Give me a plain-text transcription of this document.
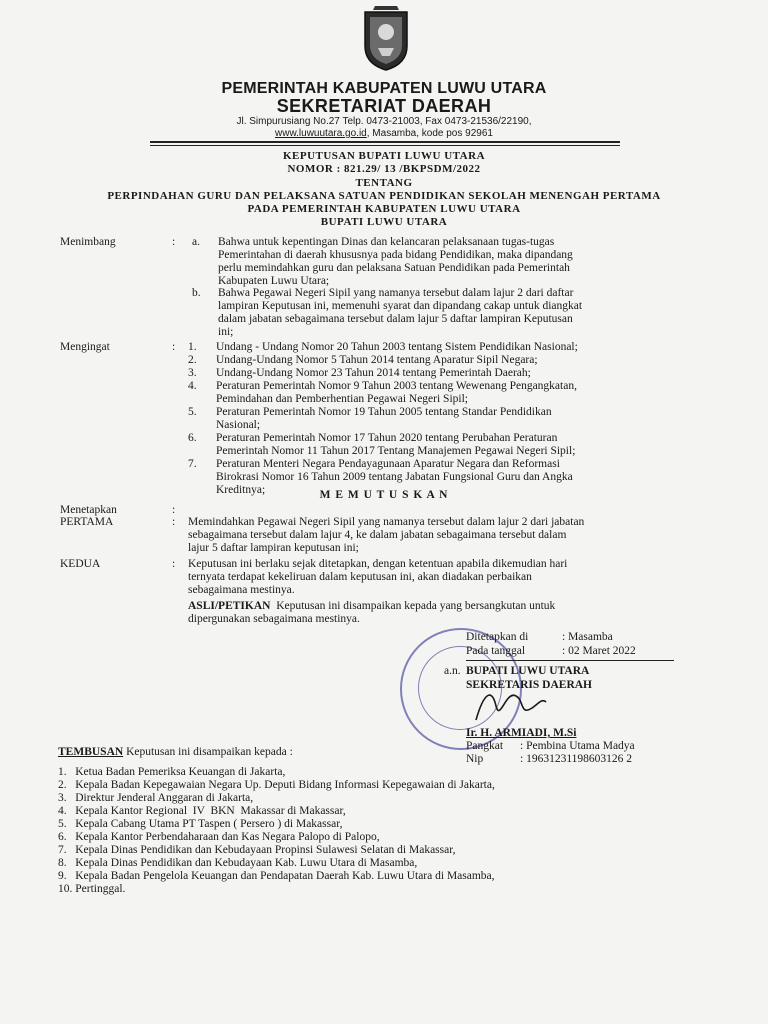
PEMERINTAH KABUPATEN LUWU UTARA
SEKRETARIAT DAERAH
Jl. Simpurusiang No.27 Telp. 0473-21003, Fax 0473-21536/22190,
www.luwuutara.go.id, Masamba, kode pos 92961
KEPUTUSAN BUPATI LUWU UTARA
NOMOR : 821.29/ 13 /BKPSDM/2022
TENTANG
PERPINDAHAN GURU DAN PELAKSANA SATUAN PENDIDIKAN SEKOLAH MENENGAH PERTAMA
PADA PEMERINTAH KABUPATEN LUWU UTARA
BUPATI LUWU UTARA
Menimbang	:	a.	Bahwa untuk kepentingan Dinas dan kelancaran pelaksanaan tugas-tugas
Pemerintahan di daerah khususnya pada bidang Pendidikan, maka dipandang
perlu memindahkan guru dan pelaksana Satuan Pendidikan pada Pemerintah
Kabupaten Luwu Utara;
b.	Bahwa Pegawai Negeri Sipil yang namanya tersebut dalam lajur 2 dari daftar
lampiran Keputusan ini, memenuhi syarat dan dipandang cakap untuk diangkat
dalam jabatan sebagaimana tersebut dalam lajur 5 daftar lampiran Keputusan
ini;
Mengingat	:	1.	Undang - Undang Nomor 20 Tahun 2003 tentang Sistem Pendidikan Nasional;
2.	Undang-Undang Nomor 5 Tahun 2014 tentang Aparatur Sipil Negara;
3.	Undang-Undang Nomor 23 Tahun 2014 tentang Pemerintah Daerah;
4.	Peraturan Pemerintah Nomor 9 Tahun 2003 tentang Wewenang Pengangkatan,
Pemindahan dan Pemberhentian Pegawai Negeri Sipil;
5.	Peraturan Pemerintah Nomor 19 Tahun 2005 tentang Standar Pendidikan
Nasional;
6.	Peraturan Pemerintah Nomor 17 Tahun 2020 tentang Perubahan Peraturan
Pemerintah Nomor 11 Tahun 2017 Tentang Manajemen Pegawai Negeri Sipil;
7.	Peraturan Menteri Negara Pendayagunaan Aparatur Negara dan Reformasi
Birokrasi Nomor 16 Tahun 2009 tentang Jabatan Fungsional Guru dan Angka
Kreditnya;	M E M U T U S K A N
Menetapkan	:
PERTAMA	:	Memindahkan Pegawai Negeri Sipil yang namanya tersebut dalam lajur 2 dari jabatan
sebagaimana tersebut dalam lajur 4, ke dalam jabatan sebagaimana tersebut dalam
lajur 5 daftar lampiran keputusan ini;
KEDUA	:	Keputusan ini berlaku sejak ditetapkan, dengan ketentuan apabila dikemudian hari
ternyata terdapat kekeliruan dalam keputusan ini, akan diadakan perbaikan
sebagaimana mestinya.
ASLI/PETIKAN Keputusan ini disampaikan kepada yang bersangkutan untuk
dipergunakan sebagaimana mestinya.
Ditetapkan di	: Masamba
Pada tanggal	: 02 Maret 2022
a.n. BUPATI LUWU UTARA
SEKRETARIS DAERAH
Ir. H. ARMIADI, M.Si
Pangkat : Pembina Utama Madya
Nip	: 19631231198603126 2
TEMBUSAN Keputusan ini disampaikan kepada :
1.   Ketua Badan Pemeriksa Keuangan di Jakarta,
2.   Kepala Badan Kepegawaian Negara Up. Deputi Bidang Informasi Kepegawaian di Jakarta,
3.   Direktur Jenderal Anggaran di Jakarta,
4.   Kepala Kantor Regional  IV  BKN  Makassar di Makassar,
5.   Kepala Cabang Utama PT Taspen ( Persero ) di Makassar,
6.   Kepala Kantor Perbendaharaan dan Kas Negara Palopo di Palopo,
7.   Kepala Dinas Pendidikan dan Kebudayaan Propinsi Sulawesi Selatan di Makassar,
8.   Kepala Dinas Pendidikan dan Kebudayaan Kab. Luwu Utara di Masamba,
9.   Kepala Badan Pengelola Keuangan dan Pendapatan Daerah Kab. Luwu Utara di Masamba,
10. Pertinggal.
